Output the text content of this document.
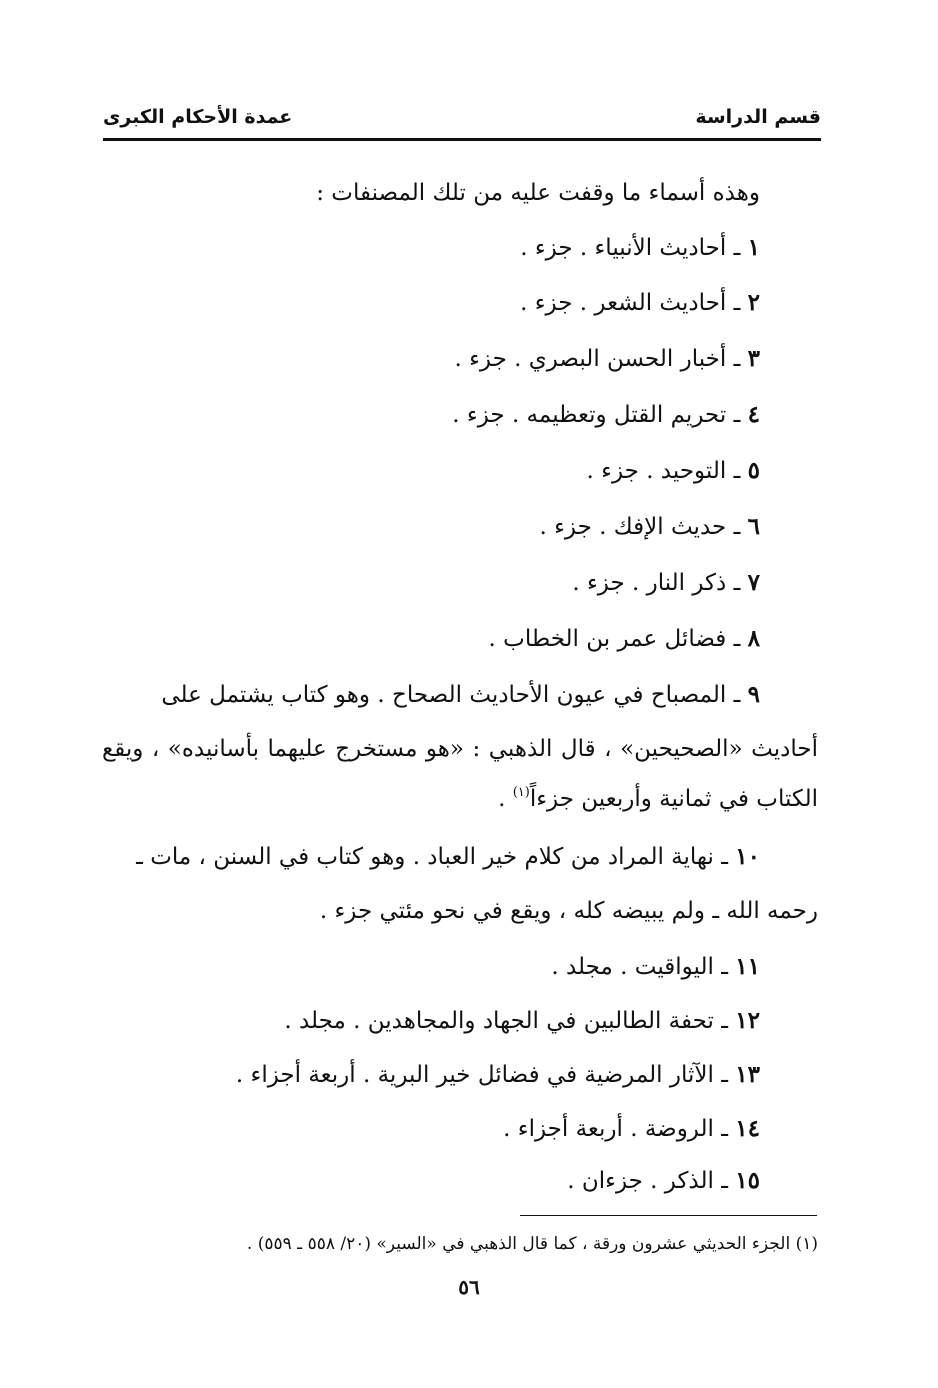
قسم الدراسة
عمدة الأحكام الكبرى
وهذه أسماء ما وقفت عليه من تلك المصنفات :
١ ـ أحاديث الأنبياء . جزء .
٢ ـ أحاديث الشعر . جزء .
٣ ـ أخبار الحسن البصري . جزء .
٤ ـ تحريم القتل وتعظيمه . جزء .
٥ ـ التوحيد . جزء .
٦ ـ حديث الإفك . جزء .
٧ ـ ذكر النار . جزء .
٨ ـ فضائل عمر بن الخطاب .
٩ ـ المصباح في عيون الأحاديث الصحاح . وهو كتاب يشتمل على
أحاديث «الصحيحين» ، قال الذهبي : «هو مستخرج عليهما بأسانيده» ، ويقع
الكتاب في ثمانية وأربعين جزءاً$^{(١)}$ .
١٠ ـ نهاية المراد من كلام خير العباد . وهو كتاب في السنن ، مات ـ
رحمه الله ـ ولم يبيضه كله ، ويقع في نحو مئتي جزء .
١١ ـ اليواقيت . مجلد .
١٢ ـ تحفة الطالبين في الجهاد والمجاهدين . مجلد .
١٣ ـ الآثار المرضية في فضائل خير البرية . أربعة أجزاء .
١٤ ـ الروضة . أربعة أجزاء .
١٥ ـ الذكر . جزءان .
(١) الجزء الحديثي عشرون ورقة ، كما قال الذهبي في «السير» (٢٠/ ٥٥٨ ـ ٥٥٩) .
٥٦
